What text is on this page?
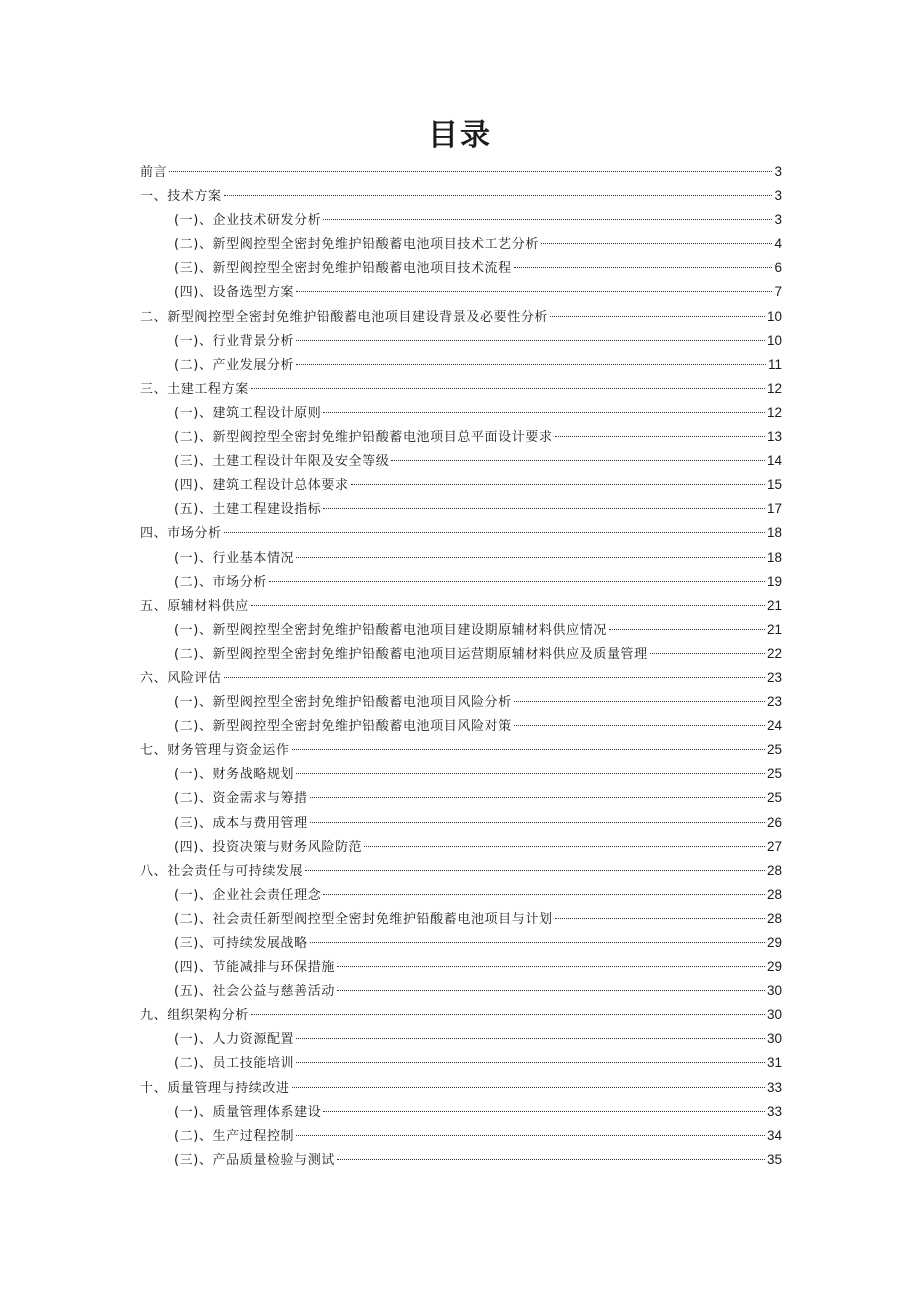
目录
前言	3
一、技术方案	3
(一)、企业技术研发分析	3
(二)、新型阀控型全密封免维护铅酸蓄电池项目技术工艺分析	4
(三)、新型阀控型全密封免维护铅酸蓄电池项目技术流程	6
(四)、设备选型方案	7
二、新型阀控型全密封免维护铅酸蓄电池项目建设背景及必要性分析	10
(一)、行业背景分析	10
(二)、产业发展分析	11
三、土建工程方案	12
(一)、建筑工程设计原则	12
(二)、新型阀控型全密封免维护铅酸蓄电池项目总平面设计要求	13
(三)、土建工程设计年限及安全等级	14
(四)、建筑工程设计总体要求	15
(五)、土建工程建设指标	17
四、市场分析	18
(一)、行业基本情况	18
(二)、市场分析	19
五、原辅材料供应	21
(一)、新型阀控型全密封免维护铅酸蓄电池项目建设期原辅材料供应情况	21
(二)、新型阀控型全密封免维护铅酸蓄电池项目运营期原辅材料供应及质量管理	22
六、风险评估	23
(一)、新型阀控型全密封免维护铅酸蓄电池项目风险分析	23
(二)、新型阀控型全密封免维护铅酸蓄电池项目风险对策	24
七、财务管理与资金运作	25
(一)、财务战略规划	25
(二)、资金需求与筹措	25
(三)、成本与费用管理	26
(四)、投资决策与财务风险防范	27
八、社会责任与可持续发展	28
(一)、企业社会责任理念	28
(二)、社会责任新型阀控型全密封免维护铅酸蓄电池项目与计划	28
(三)、可持续发展战略	29
(四)、节能减排与环保措施	29
(五)、社会公益与慈善活动	30
九、组织架构分析	30
(一)、人力资源配置	30
(二)、员工技能培训	31
十、质量管理与持续改进	33
(一)、质量管理体系建设	33
(二)、生产过程控制	34
(三)、产品质量检验与测试	35
